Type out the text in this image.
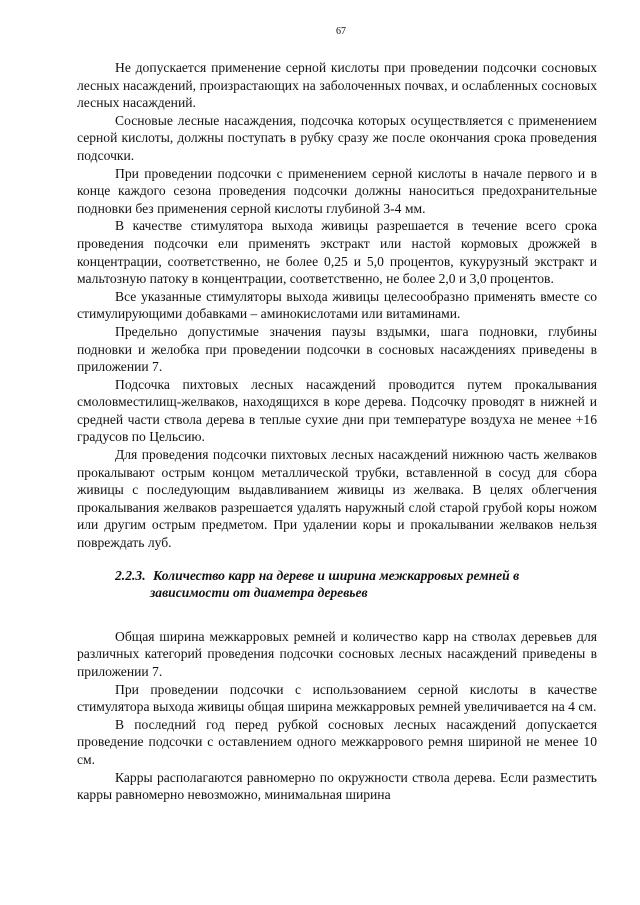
67

Не допускается применение серной кислоты при проведении подсочки сосновых лесных насаждений, произрастающих на заболоченных почвах, и ослабленных сосновых лесных насаждений.

Сосновые лесные насаждения, подсочка которых осуществляется с применением серной кислоты, должны поступать в рубку сразу же после окончания срока проведения подсочки.

При проведении подсочки с применением серной кислоты в начале первого и в конце каждого сезона проведения подсочки должны наноситься предохранительные подновки без применения серной кислоты глубиной 3-4 мм.

В качестве стимулятора выхода живицы разрешается в течение всего срока проведения подсочки ели применять экстракт или настой кормовых дрожжей в концентрации, соответственно, не более 0,25 и 5,0 процентов, кукурузный экстракт и мальтозную патоку в концентрации, соответственно, не более 2,0 и 3,0 процентов.

Все указанные стимуляторы выхода живицы целесообразно применять вместе со стимулирующими добавками – аминокислотами или витаминами.

Предельно допустимые значения паузы вздымки, шага подновки, глубины подновки и желобка при проведении подсочки в сосновых насаждениях приведены в приложении 7.

Подсочка пихтовых лесных насаждений проводится путем прокалывания смоловместилищ-желваков, находящихся в коре дерева. Подсочку проводят в нижней и средней части ствола дерева в теплые сухие дни при температуре воздуха не менее +16 градусов по Цельсию.

Для проведения подсочки пихтовых лесных насаждений нижнюю часть желваков прокалывают острым концом металлической трубки, вставленной в сосуд для сбора живицы с последующим выдавливанием живицы из желвака. В целях облегчения прокалывания желваков разрешается удалять наружный слой старой грубой коры ножом или другим острым предметом. При удалении коры и прокалывании желваков нельзя повреждать луб.

2.2.3. Количество карр на дереве и ширина межкарровых ремней в
зависимости от диаметра деревьев

Общая ширина межкарровых ремней и количество карр на стволах деревьев для различных категорий проведения подсочки сосновых лесных насаждений приведены в приложении 7.

При проведении подсочки с использованием серной кислоты в качестве стимулятора выхода живицы общая ширина межкарровых ремней увеличивается на 4 см.

В последний год перед рубкой сосновых лесных насаждений допускается проведение подсочки с оставлением одного межкаррового ремня шириной не менее 10 см.

Карры располагаются равномерно по окружности ствола дерева. Если разместить карры равномерно невозможно, минимальная ширина
